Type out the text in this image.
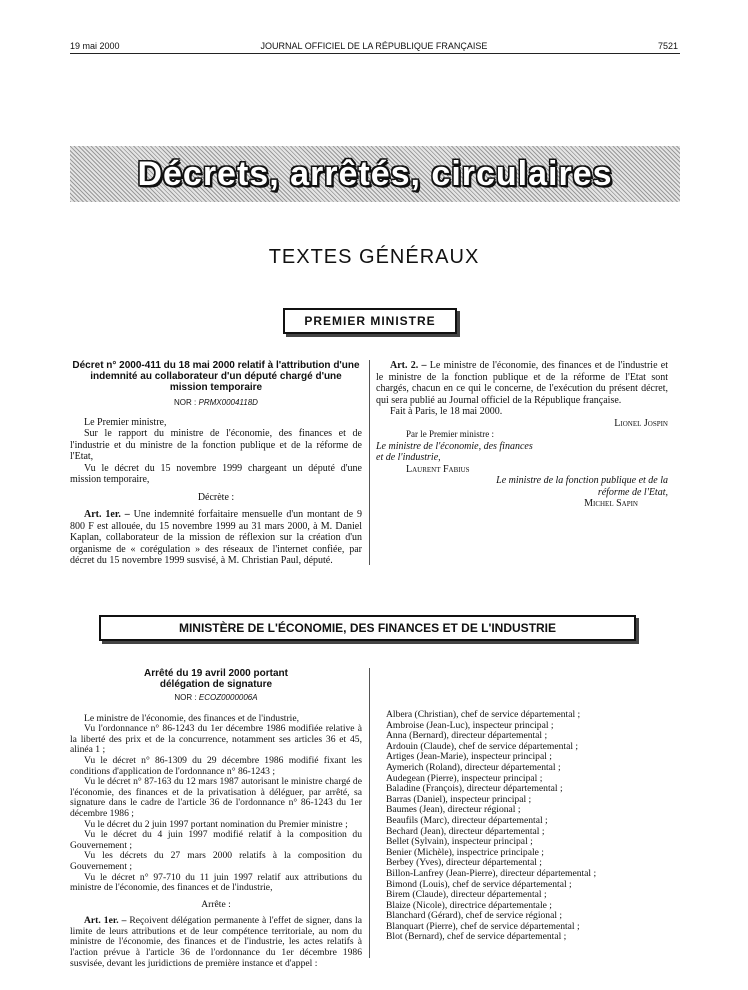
19 mai 2000	JOURNAL OFFICIEL DE LA RÉPUBLIQUE FRANÇAISE	7521
Décrets, arrêtés, circulaires
TEXTES GÉNÉRAUX
PREMIER MINISTRE
Décret n° 2000-411 du 18 mai 2000 relatif à l'attribution d'une indemnité au collaborateur d'un député chargé d'une mission temporaire
NOR : PRMX0004118D

Le Premier ministre,

Sur le rapport du ministre de l'économie, des finances et de l'industrie et du ministre de la fonction publique et de la réforme de l'Etat,

Vu le décret du 15 novembre 1999 chargeant un député d'une mission temporaire,

Décrète :

Art. 1er. – Une indemnité forfaitaire mensuelle d'un montant de 9 800 F est allouée, du 15 novembre 1999 au 31 mars 2000, à M. Daniel Kaplan, collaborateur de la mission de réflexion sur la création d'un organisme de « corégulation » des réseaux de l'internet confiée, par décret du 15 novembre 1999 susvisé, à M. Christian Paul, député.

Art. 2. – Le ministre de l'économie, des finances et de l'industrie et le ministre de la fonction publique et de la réforme de l'Etat sont chargés, chacun en ce qui le concerne, de l'exécution du présent décret, qui sera publié au Journal officiel de la République française.

Fait à Paris, le 18 mai 2000.

Lionel Jospin

Par le Premier ministre :

Le ministre de l'économie, des finances et de l'industrie,

Laurent Fabius

Le ministre de la fonction publique et de la réforme de l'Etat,

Michel Sapin

MINISTÈRE DE L'ÉCONOMIE, DES FINANCES ET DE L'INDUSTRIE
Arrêté du 19 avril 2000 portant délégation de signature
NOR : ECOZ0000006A

Le ministre de l'économie, des finances et de l'industrie,

Vu l'ordonnance n° 86-1243 du 1er décembre 1986 modifiée relative à la liberté des prix et de la concurrence, notamment ses articles 36 et 45, alinéa 1 ;

Vu le décret n° 86-1309 du 29 décembre 1986 modifié fixant les conditions d'application de l'ordonnance n° 86-1243 ;

Vu le décret n° 87-163 du 12 mars 1987 autorisant le ministre chargé de l'économie, des finances et de la privatisation à déléguer, par arrêté, sa signature dans le cadre de l'article 36 de l'ordonnance n° 86-1243 du 1er décembre 1986 ;

Vu le décret du 2 juin 1997 portant nomination du Premier ministre ;

Vu le décret du 4 juin 1997 modifié relatif à la composition du Gouvernement ;

Vu les décrets du 27 mars 2000 relatifs à la composition du Gouvernement ;

Vu le décret n° 97-710 du 11 juin 1997 relatif aux attributions du ministre de l'économie, des finances et de l'industrie,

Arrête :

Art. 1er. – Reçoivent délégation permanente à l'effet de signer, dans la limite de leurs attributions et de leur compétence territoriale, au nom du ministre de l'économie, des finances et de l'industrie, les actes relatifs à l'action prévue à l'article 36 de l'ordonnance du 1er décembre 1986 susvisée, devant les juridictions de première instance et d'appel :

Albera (Christian), chef de service départemental ;

Ambroise (Jean-Luc), inspecteur principal ;

Anna (Bernard), directeur départemental ;

Ardouin (Claude), chef de service départemental ;

Artiges (Jean-Marie), inspecteur principal ;

Aymerich (Roland), directeur départemental ;

Audegean (Pierre), inspecteur principal ;

Baladine (François), directeur départemental ;

Barras (Daniel), inspecteur principal ;

Baumes (Jean), directeur régional ;

Beaufils (Marc), directeur départemental ;

Bechard (Jean), directeur départemental ;

Bellet (Sylvain), inspecteur principal ;

Benier (Michèle), inspectrice principale ;

Berbey (Yves), directeur départemental ;

Billon-Lanfrey (Jean-Pierre), directeur départemental ;

Bimond (Louis), chef de service départemental ;

Birem (Claude), directeur départemental ;

Blaize (Nicole), directrice départementale ;

Blanchard (Gérard), chef de service régional ;

Blanquart (Pierre), chef de service départemental ;

Blot (Bernard), chef de service départemental ;
